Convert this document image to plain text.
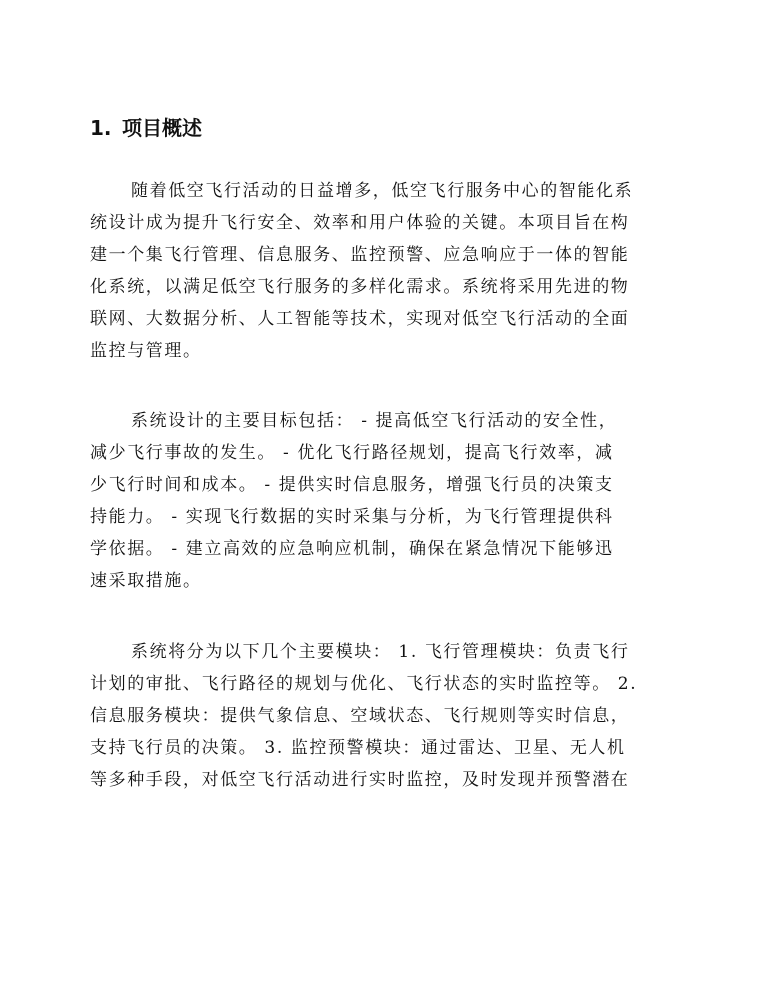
1. 项目概述
随着低空飞行活动的日益增多，低空飞行服务中心的智能化系
统设计成为提升飞行安全、效率和用户体验的关键。本项目旨在构
建一个集飞行管理、信息服务、监控预警、应急响应于一体的智能
化系统，以满足低空飞行服务的多样化需求。系统将采用先进的物
联网、大数据分析、人工智能等技术，实现对低空飞行活动的全面
监控与管理。
系统设计的主要目标包括： - 提高低空飞行活动的安全性，
减少飞行事故的发生。 - 优化飞行路径规划，提高飞行效率，减
少飞行时间和成本。 - 提供实时信息服务，增强飞行员的决策支
持能力。 - 实现飞行数据的实时采集与分析，为飞行管理提供科
学依据。 - 建立高效的应急响应机制，确保在紧急情况下能够迅
速采取措施。
系统将分为以下几个主要模块： 1. 飞行管理模块：负责飞行
计划的审批、飞行路径的规划与优化、飞行状态的实时监控等。 2.
信息服务模块：提供气象信息、空域状态、飞行规则等实时信息，
支持飞行员的决策。 3. 监控预警模块：通过雷达、卫星、无人机
等多种手段，对低空飞行活动进行实时监控，及时发现并预警潜在
